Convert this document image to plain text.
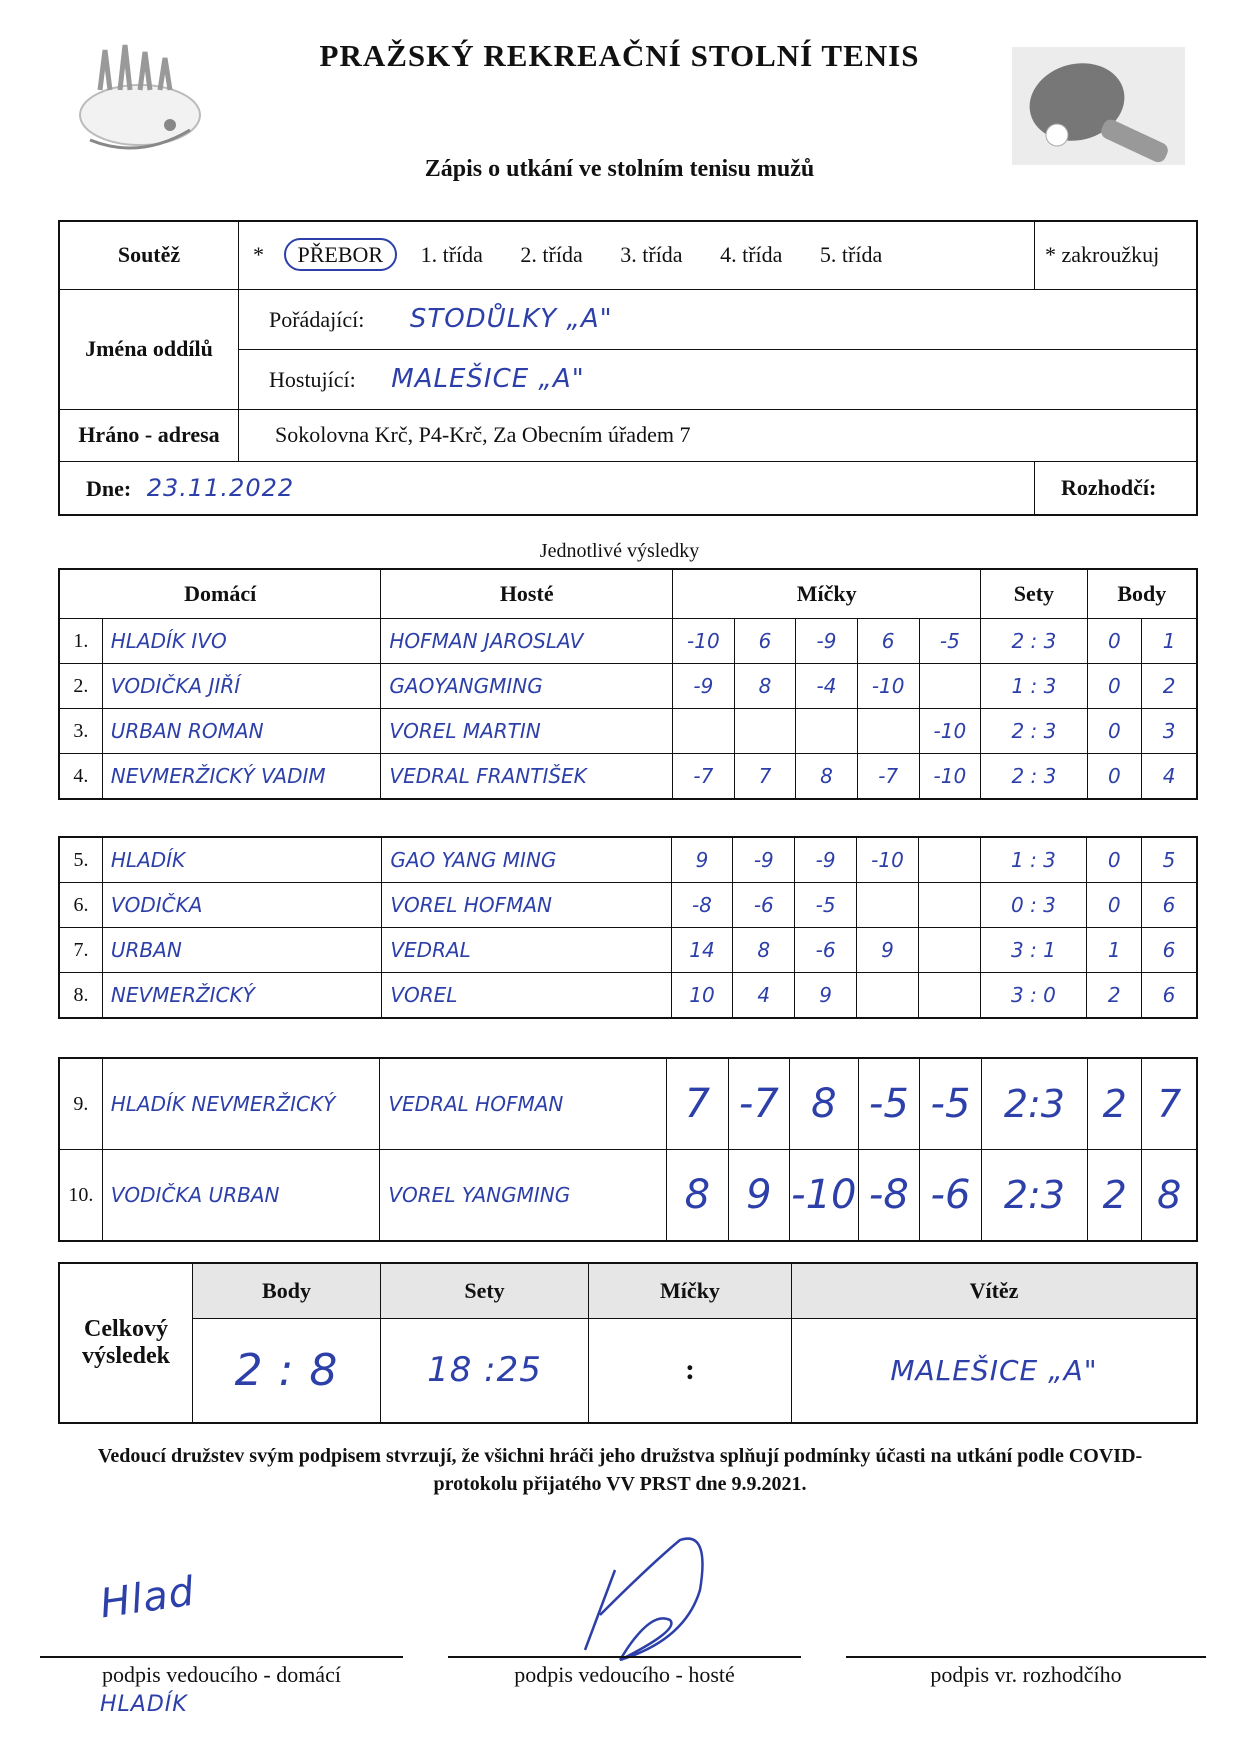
PRAŽSKÝ REKREAČNÍ STOLNÍ TENIS
Zápis o utkání ve stolním tenisu mužů
Soutěž	* PŘEBOR 1. třída 2. třída 3. třída 4. třída 5. třída	* zakroužkuj
Jména oddílů	Pořádající: STODŮLKY „A"	
	Hostující: MALEŠICE „A"	
Hráno - adresa	Sokolovna Krč, P4-Krč, Za Obecním úřadem 7	
Dne: 23.11.2022		Rozhodčí:
Jednotlivé výsledky
Domácí		Hosté	Míčky					Sety	Body	
1.	HLADÍK IVO	HOFMAN JAROSLAV	-10	6	-9	6	-5	2 : 3	0	1
2.	VODIČKA JIŘÍ	GAOYANGMING	-9	8	-4	-10		1 : 3	0	2
3.	URBAN ROMAN	VOREL MARTIN					-10	2 : 3	0	3
4.	NEVMERŽICKÝ VADIM	VEDRAL FRANTIŠEK	-7	7	8	-7	-10	2 : 3	0	4
5.	HLADÍK	GAO YANG MING	9	-9	-9	-10		1 : 3	0	5
6.	VODIČKA	VOREL HOFMAN	-8	-6	-5			0 : 3	0	6
7.	URBAN	VEDRAL	14	8	-6	9		3 : 1	1	6
8.	NEVMERŽICKÝ	VOREL	10	4	9			3 : 0	2	6
9.	HLADÍK NEVMERŽICKÝ	VEDRAL HOFMAN	7	-7	8	-5	-5	2:3	2	7
10.	VODIČKA URBAN	VOREL YANGMING	8	9	-10	-8	-6	2:3	2	8
Celkový výsledek	Body	Sety	Míčky	Vítěz
	2 : 8	18 :25	:	MALEŠICE „A"
Vedoucí družstev svým podpisem stvrzují, že všichni hráči jeho družstva splňují podmínky účasti na utkání podle COVID-protokolu přijatého VV PRST dne 9.9.2021.
Hlad
podpis vedoucího - domácí	podpis vedoucího - hosté	podpis vr. rozhodčího
HLADÍK
